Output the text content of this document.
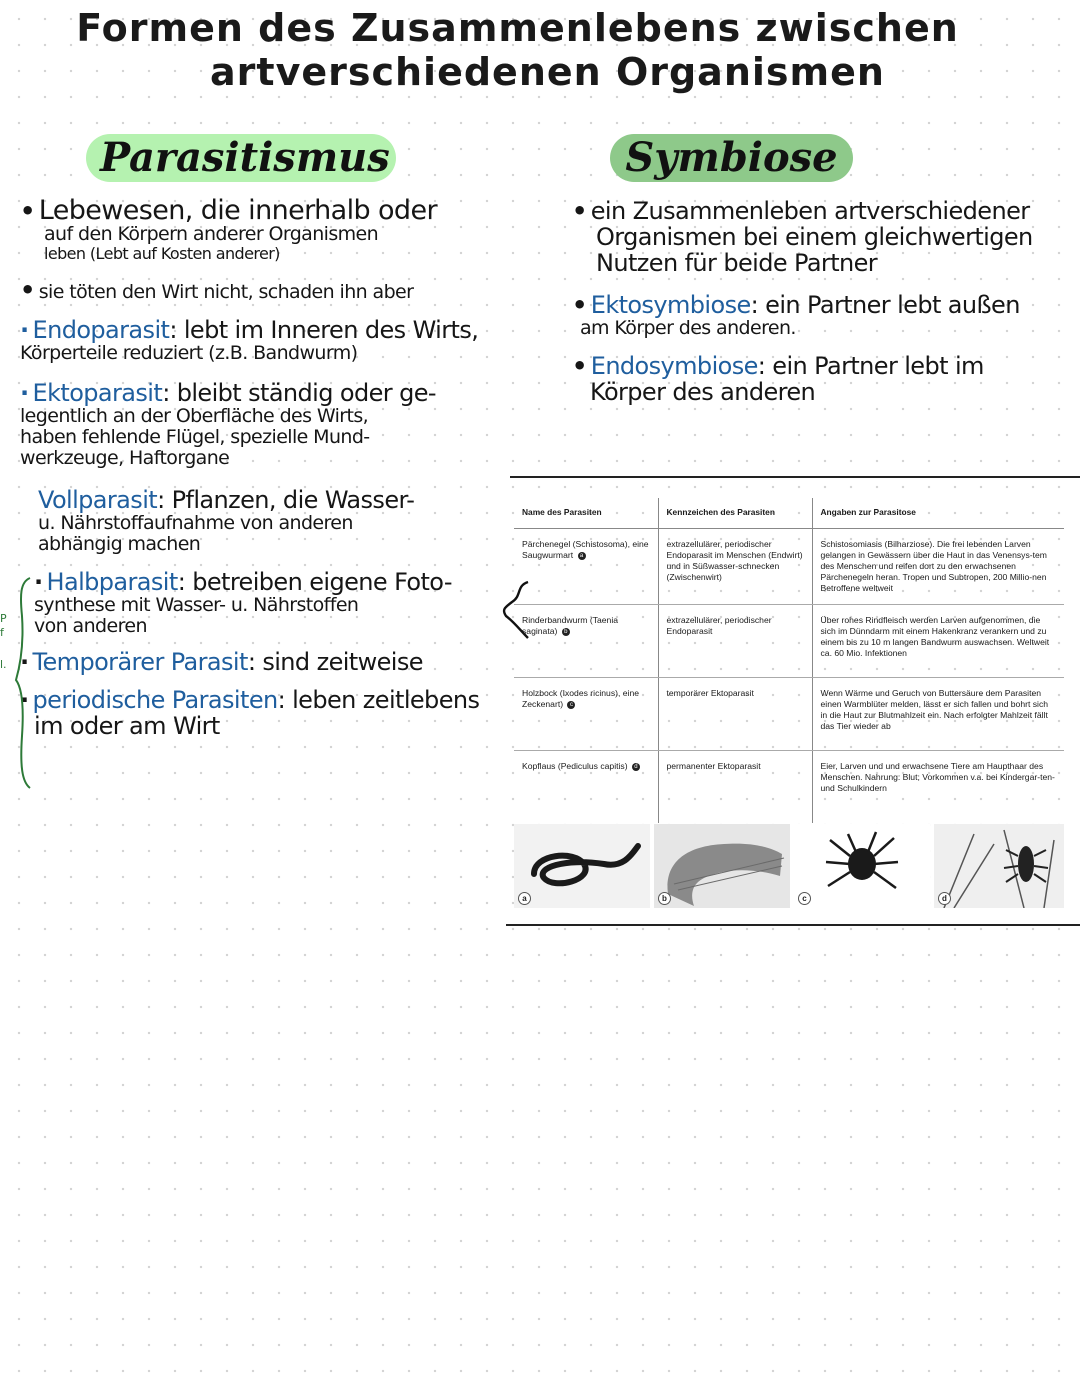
Formen des Zusammenlebens zwischen
artverschiedenen Organismen
Parasitismus	Symbiose
• Lebewesen, die innerhalb oder
auf den Körpern anderer Organismen
leben (Lebt auf Kosten anderer)
• sie töten den Wirt nicht, schaden ihn aber
· Endoparasit: lebt im Inneren des Wirts,
Körperteile reduziert (z.B. Bandwurm)
· Ektoparasit: bleibt ständig oder ge-
legentlich an der Oberfläche des Wirts,
haben fehlende Flügel, spezielle Mund-
werkzeuge, Haftorgane
Vollparasit: Pflanzen, die Wasser-
u. Nährstoffaufnahme von anderen
abhängig machen
· Halbparasit: betreiben eigene Foto-
synthese mit Wasser- u. Nährstoffen
von anderen
· Temporärer Parasit: sind zeitweise
· periodische Parasiten: leben zeitlebens
im oder am Wirt
P
f
l.
• ein Zusammenleben artverschiedener
Organismen bei einem gleichwertigen
Nutzen für beide Partner
• Ektosymbiose: ein Partner lebt außen
am Körper des anderen.
• Endosymbiose: ein Partner lebt im
Körper des anderen
Name des Parasiten	Kennzeichen des Parasiten	Angaben zur Parasitose
Pärchenegel (Schistosoma), eine Saugwurmart a	extrazellulärer, periodischer Endoparasit im Menschen (Endwirt) und in Süßwasser-schnecken (Zwischenwirt)	Schistosomiasis (Bilharziose). Die frei lebenden Larven gelangen in Gewässern über die Haut in das Venensys-tem des Menschen und reifen dort zu den erwachsenen Pärchenegeln heran. Tropen und Subtropen, 200 Millio-nen Betroffene weltweit
Rinderbandwurm (Taenia saginata) b	extrazellulärer, periodischer Endoparasit	Über rohes Rindfleisch werden Larven aufgenommen, die sich im Dünndarm mit einem Hakenkranz verankern und zu einem bis zu 10 m langen Bandwurm auswachsen. Weltweit ca. 60 Mio. Infektionen
Holzbock (Ixodes ricinus), eine Zeckenart) c	temporärer Ektoparasit	Wenn Wärme und Geruch von Buttersäure dem Parasiten einen Warmblüter melden, lässt er sich fallen und bohrt sich in die Haut zur Blutmahlzeit ein. Nach erfolgter Mahlzeit fällt das Tier wieder ab
Kopflaus (Pediculus capitis) d	permanenter Ektoparasit	Eier, Larven und und erwachsene Tiere am Haupthaar des Menschen. Nahrung: Blut; Vorkommen v.a. bei Kindergar-ten- und Schulkindern
a	b	c	d
